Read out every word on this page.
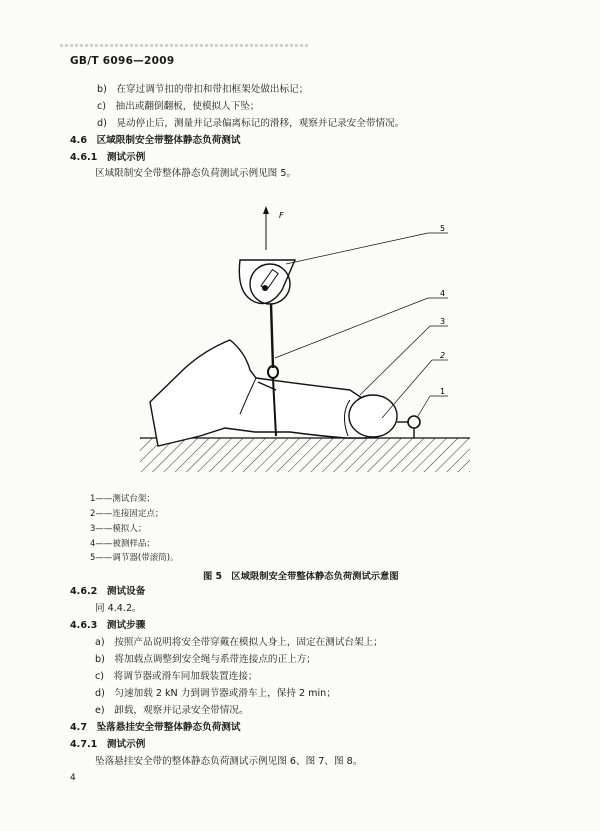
GB/T 6096—2009
b)　在穿过调节扣的带扣和带扣框架处做出标记；
c)　抽出或翻倒翻板，使模拟人下坠；
d)　晃动停止后，测量并记录偏离标记的滑移，观察并记录安全带情况。
4.6　区域限制安全带整体静态负荷测试
4.6.1　测试示例
区域限制安全带整体静态负荷测试示例见图 5。
F
5
4
3
2
1
1——测试台架；
2——连接固定点；
3——模拟人；
4——被测样品；
5——调节器(带滚筒)。
图 5　区域限制安全带整体静态负荷测试示意图
4.6.2　测试设备
同 4.4.2。
4.6.3　测试步骤
a)　按照产品说明将安全带穿戴在模拟人身上，固定在测试台架上；
b)　将加载点调整到安全绳与系带连接点的正上方；
c)　将调节器或滑车同加载装置连接；
d)　匀速加载 2 kN 力到调节器或滑车上，保持 2 min；
e)　卸载，观察并记录安全带情况。
4.7　坠落悬挂安全带整体静态负荷测试
4.7.1　测试示例
坠落悬挂安全带的整体静态负荷测试示例见图 6、图 7、图 8。
4
